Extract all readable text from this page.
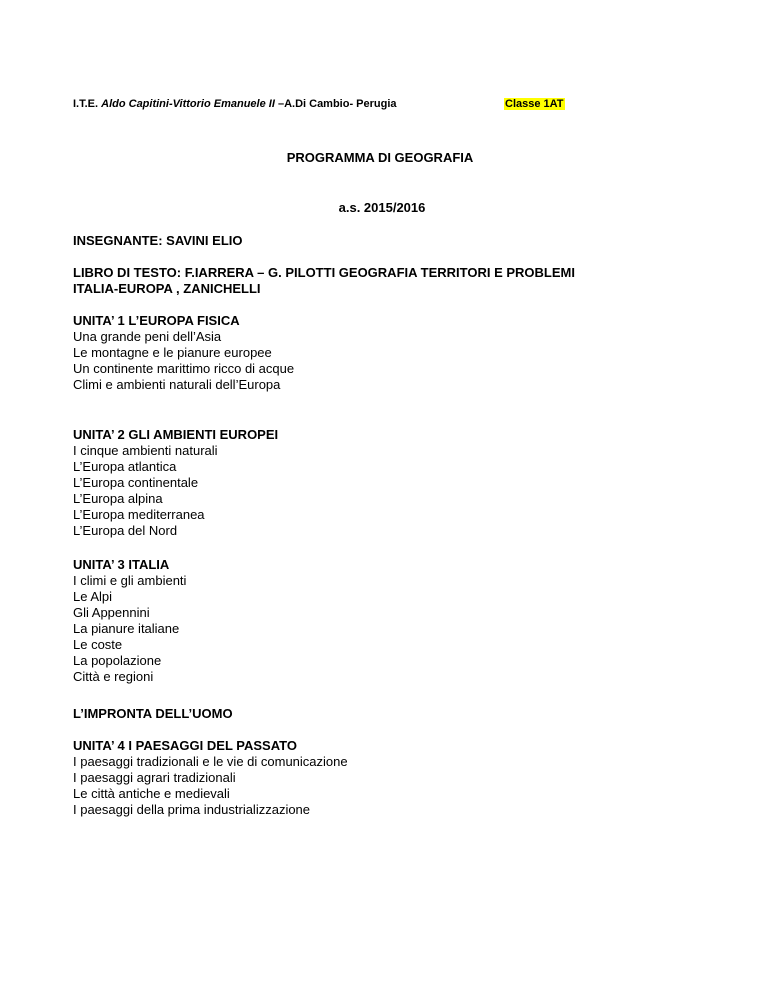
I.T.E. Aldo Capitini-Vittorio Emanuele II –A.Di Cambio- Perugia	Classe 1AT
PROGRAMMA DI GEOGRAFIA
a.s. 2015/2016
INSEGNANTE: SAVINI ELIO
LIBRO DI TESTO: F.IARRERA – G. PILOTTI GEOGRAFIA TERRITORI E PROBLEMI
ITALIA-EUROPA , ZANICHELLI
UNITA’ 1 L’EUROPA FISICA
Una grande peni dell’Asia
Le montagne e le pianure europee
Un continente marittimo ricco di acque
Climi e ambienti naturali dell’Europa
UNITA’ 2 GLI AMBIENTI EUROPEI
I cinque ambienti naturali
L’Europa atlantica
L’Europa continentale
L’Europa alpina
L’Europa mediterranea
L’Europa del Nord
UNITA’ 3 ITALIA
I climi e gli ambienti
Le Alpi
Gli Appennini
La pianure italiane
Le coste
La popolazione
Città e regioni
L’IMPRONTA DELL’UOMO
UNITA’ 4 I PAESAGGI DEL PASSATO
I paesaggi tradizionali e le vie di comunicazione
I paesaggi agrari tradizionali
Le città antiche e medievali
I paesaggi della prima industrializzazione
